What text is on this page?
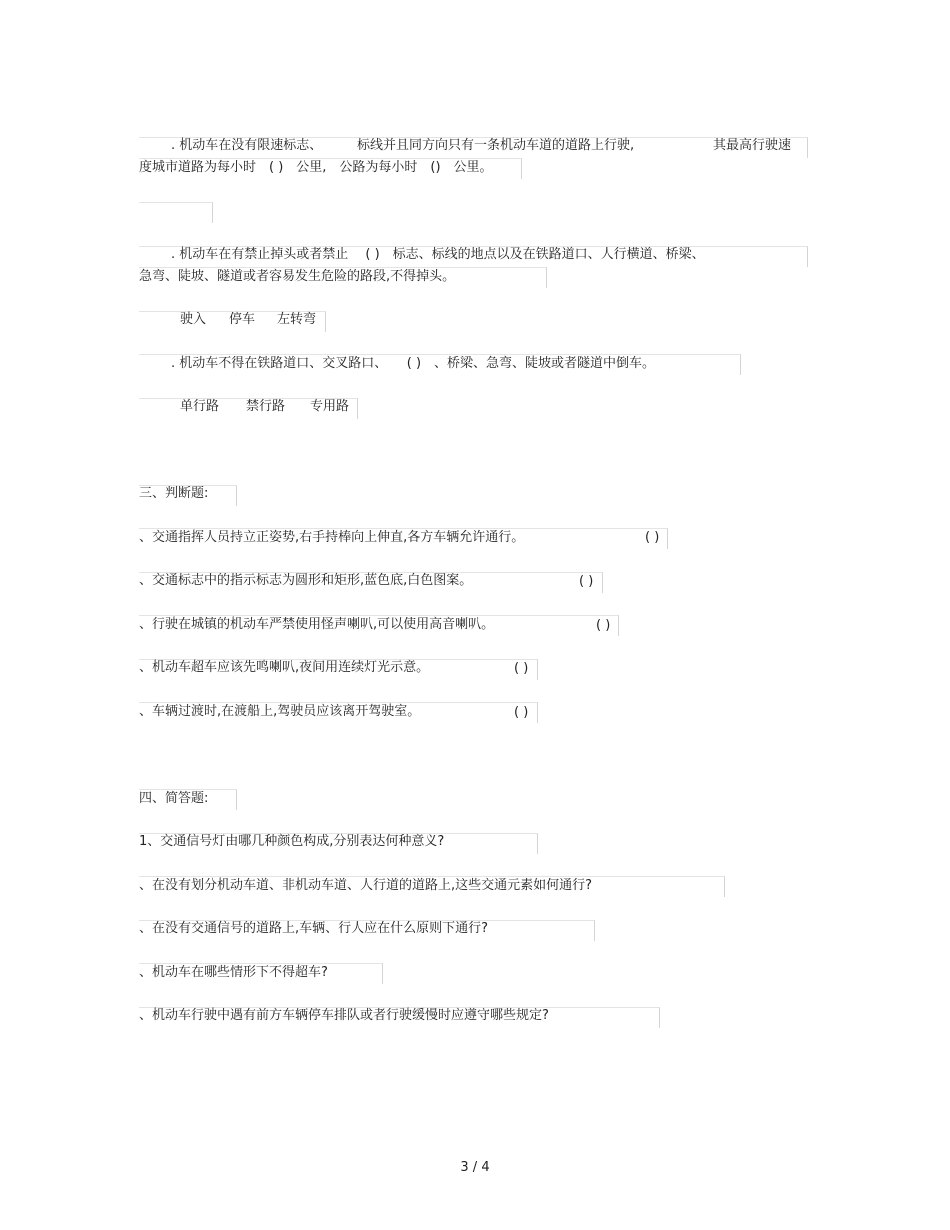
. 机动车在没有限速标志、	标线并且同方向只有一条机动车道的道路上行驶,	其最高行驶速
度城市道路为每小时　( )　公里,　公路为每小时　()　公里。
. 机动车在有禁止掉头或者禁止　 ( )　标志、标线的地点以及在铁路道口、人行横道、桥梁、
急弯、陡坡、隧道或者容易发生危险的路段,不得掉头。
驶入 停车 左转弯
. 机动车不得在铁路道口、交叉路口、　　( )　、桥梁、急弯、陡坡或者隧道中倒车。
单行路 禁行路 专用路
三、判断题:
、交通指挥人员持立正姿势,右手持棒向上伸直,各方车辆允许通行。	( )
、交通标志中的指示标志为圆形和矩形,蓝色底,白色图案。	( )
、行驶在城镇的机动车严禁使用怪声喇叭,可以使用高音喇叭。	( )
、机动车超车应该先鸣喇叭,夜间用连续灯光示意。	( )
、车辆过渡时,在渡船上,驾驶员应该离开驾驶室。	( )
四、简答题:
1、交通信号灯由哪几种颜色构成,分别表达何种意义?
、在没有划分机动车道、非机动车道、人行道的道路上,这些交通元素如何通行?
、在没有交通信号的道路上,车辆、行人应在什么原则下通行?
、机动车在哪些情形下不得超车?
、机动车行驶中遇有前方车辆停车排队或者行驶缓慢时应遵守哪些规定?
3 / 4
